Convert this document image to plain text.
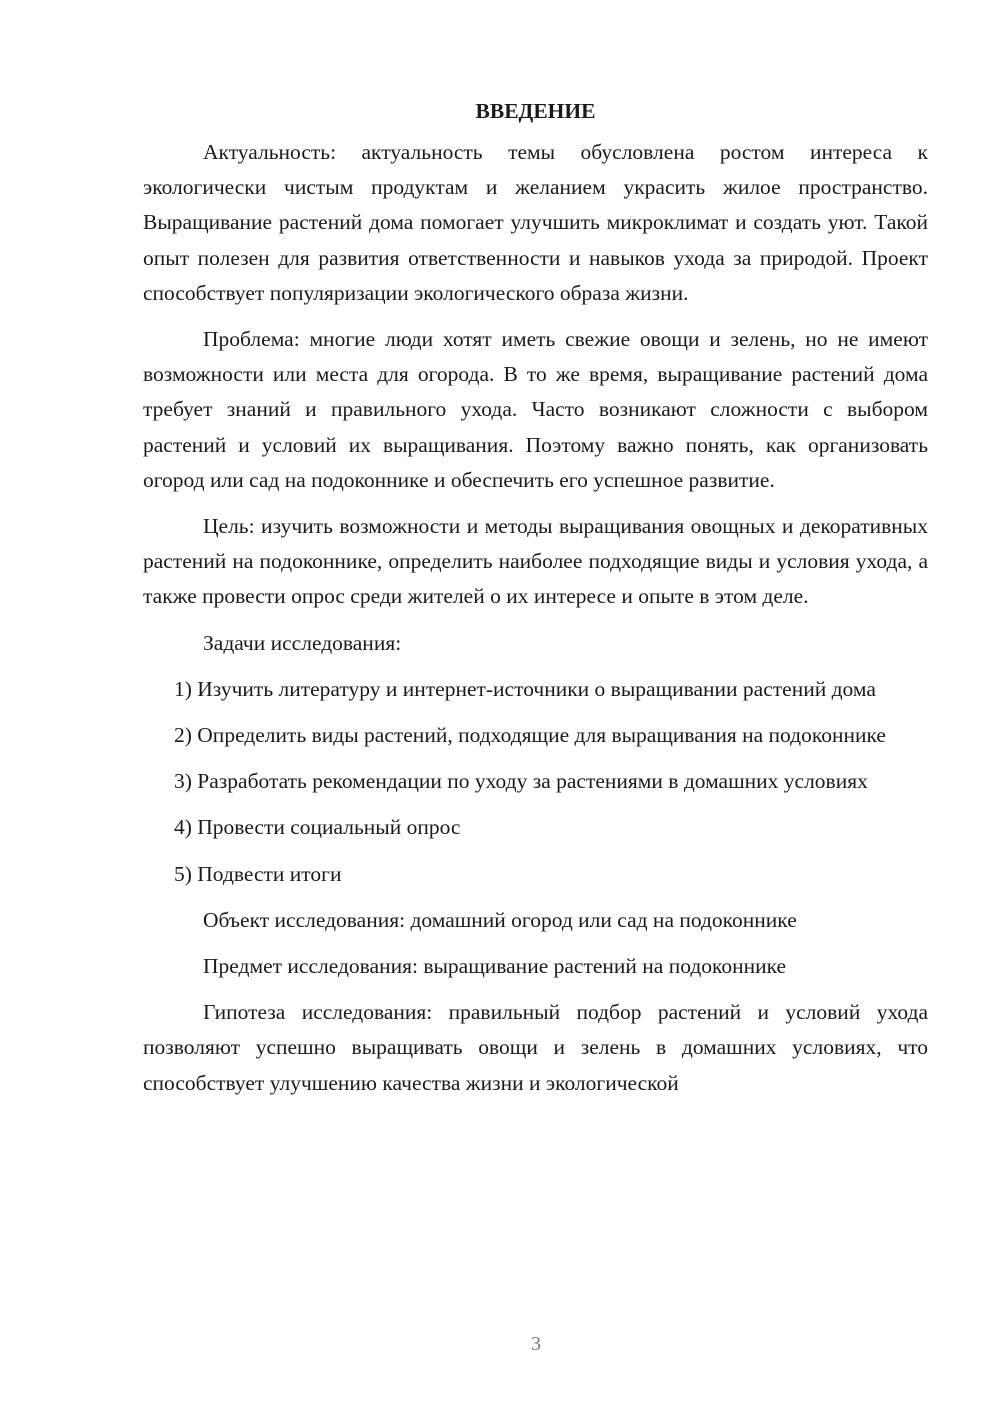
ВВЕДЕНИЕ

Актуальность: актуальность темы обусловлена ростом интереса к экологически чистым продуктам и желанием украсить жилое пространство. Выращивание растений дома помогает улучшить микроклимат и создать уют. Такой опыт полезен для развития ответственности и навыков ухода за природой. Проект способствует популяризации экологического образа жизни.

Проблема: многие люди хотят иметь свежие овощи и зелень, но не имеют возможности или места для огорода. В то же время, выращивание растений дома требует знаний и правильного ухода. Часто возникают сложности с выбором растений и условий их выращивания. Поэтому важно понять, как организовать огород или сад на подоконнике и обеспечить его успешное развитие.

Цель: изучить возможности и методы выращивания овощных и декоративных растений на подоконнике, определить наиболее подходящие виды и условия ухода, а также провести опрос среди жителей о их интересе и опыте в этом деле.

Задачи исследования:

1) Изучить литературу и интернет-источники о выращивании растений дома

2) Определить виды растений, подходящие для выращивания на подоконнике

3) Разработать рекомендации по уходу за растениями в домашних условиях

4) Провести социальный опрос

5) Подвести итоги

Объект исследования: домашний огород или сад на подоконнике

Предмет исследования: выращивание растений на подоконнике

Гипотеза исследования: правильный подбор растений и условий ухода позволяют успешно выращивать овощи и зелень в домашних условиях, что способствует улучшению качества жизни и экологической

3
